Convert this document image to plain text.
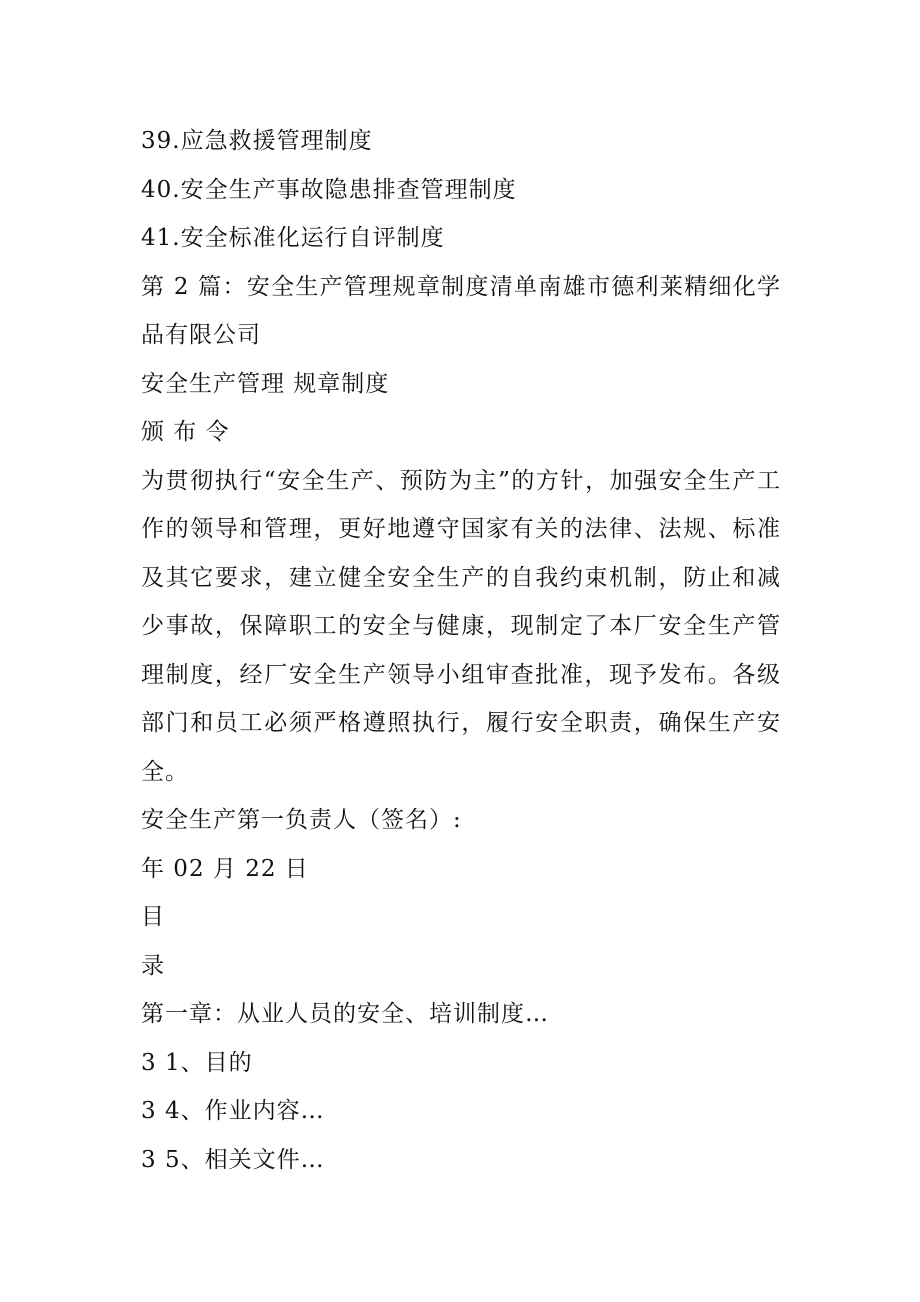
39.应急救援管理制度
40.安全生产事故隐患排查管理制度
41.安全标准化运行自评制度

第 2 篇：安全生产管理规章制度清单南雄市德利莱精细化学品有限公司

安全生产管理 规章制度
颁 布 令

为贯彻执行“安全生产、预防为主”的方针，加强安全生产工作的领导和管理，更好地遵守国家有关的法律、法规、标准及其它要求，建立健全安全生产的自我约束机制，防止和减少事故，保障职工的安全与健康，现制定了本厂安全生产管理制度，经厂安全生产领导小组审查批准，现予发布。各级部门和员工必须严格遵照执行，履行安全职责，确保生产安全。

安全生产第一负责人（签名）:
年 02 月 22 日
目
录
第一章：从业人员的安全、培训制度…
3 1、目的
3 4、作业内容…
3 5、相关文件…
